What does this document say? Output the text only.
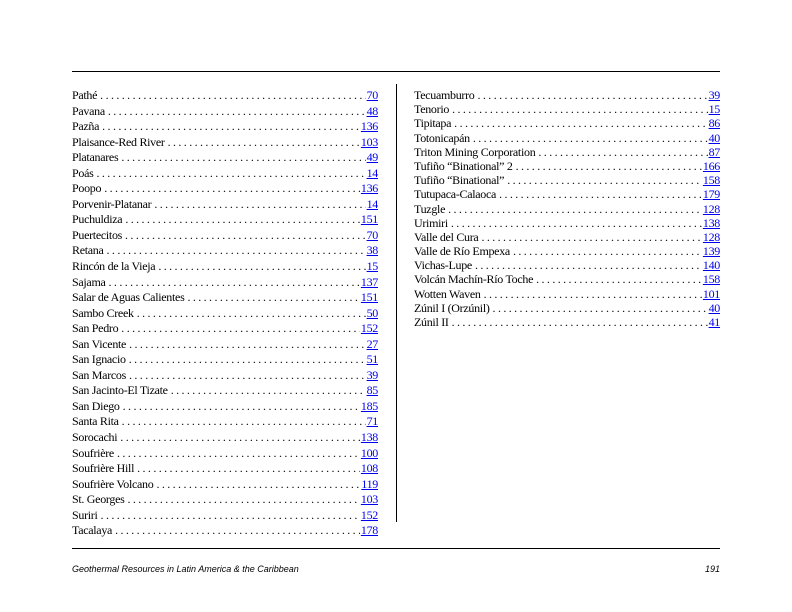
Pathé . . .	70
Pavana . . .	48
Pazña . . .	136
Plaisance-Red River . . .	103
Platanares . . .	49
Poás . . .	14
Poopo . . .	136
Porvenir-Platanar . . .	14
Puchuldiza . . .	151
Puertecitos . . .	70
Retana . . .	38
Rincón de la Vieja . . .	15
Sajama . . .	137
Salar de Aguas Calientes . . .	151
Sambo Creek . . .	50
San Pedro . . .	152
San Vicente . . .	27
San Ignacio . . .	51
San Marcos . . .	39
San Jacinto-El Tizate . . .	85
San Diego . . .	185
Santa Rita . . .	71
Sorocachi . . .	138
Soufrière . . .	100
Soufrière Hill . . .	108
Soufrière Volcano . . .	119
St. Georges . . .	103
Suriri . . .	152
Tacalaya . . .	178
Tecuamburro . . .	39
Tenorio . . .	15
Tipitapa . . .	86
Totonicapán . . .	40
Triton Mining Corporation . . .	87
Tufiño “Binational” 2 . . .	166
Tufiño “Binational” . . .	158
Tutupaca-Calaoca . . .	179
Tuzgle . . .	128
Urimiri . . .	138
Valle del Cura . . .	128
Valle de Río Empexa . . .	139
Vichas-Lupe . . .	140
Volcán Machín-Río Toche . . .	158
Wotten Waven . . .	101
Zúnil I (Orzúnil) . . .	40
Zúnil II . . .	41
Geothermal Resources in Latin America & the Caribbean	191
